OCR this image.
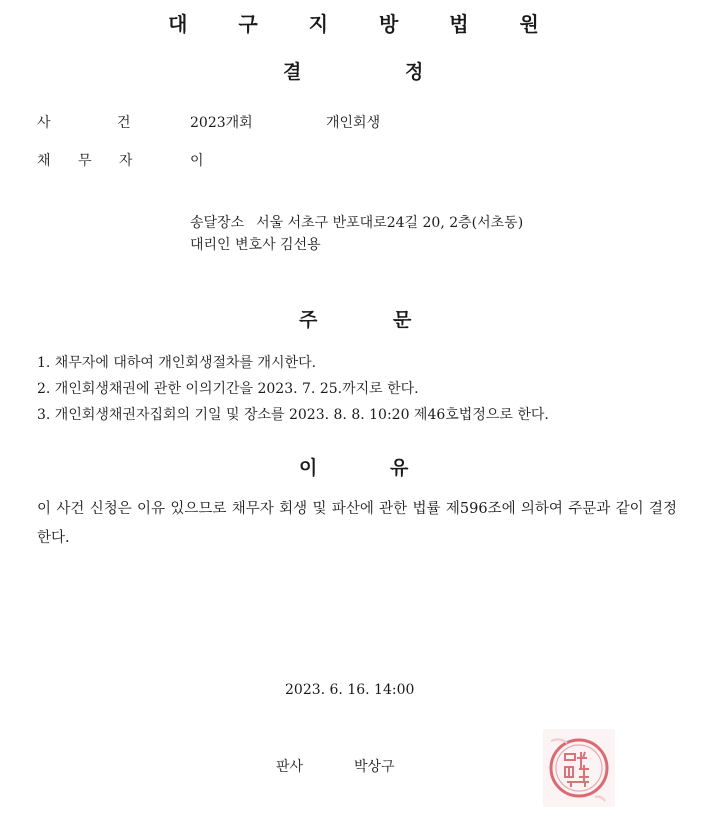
대 구 지 방 법 원
결	정
사	건	2023개회	개인회생
채 무 자	이
송달장소 서울 서초구 반포대로24길 20, 2층(서초동)
대리인 변호사 김선용
주	문
1. 채무자에 대하여 개인회생절차를 개시한다.
2. 개인회생채권에 관한 이의기간을 2023. 7. 25.까지로 한다.
3. 개인회생채권자집회의 기일 및 장소를 2023. 8. 8. 10:20 제46호법정으로 한다.
이	유
이 사건 신청은 이유 있으므로 채무자 회생 및 파산에 관한 법률 제596조에 의하여 주문과 같이 결정한다.
2023. 6. 16. 14:00
판사	박상구
